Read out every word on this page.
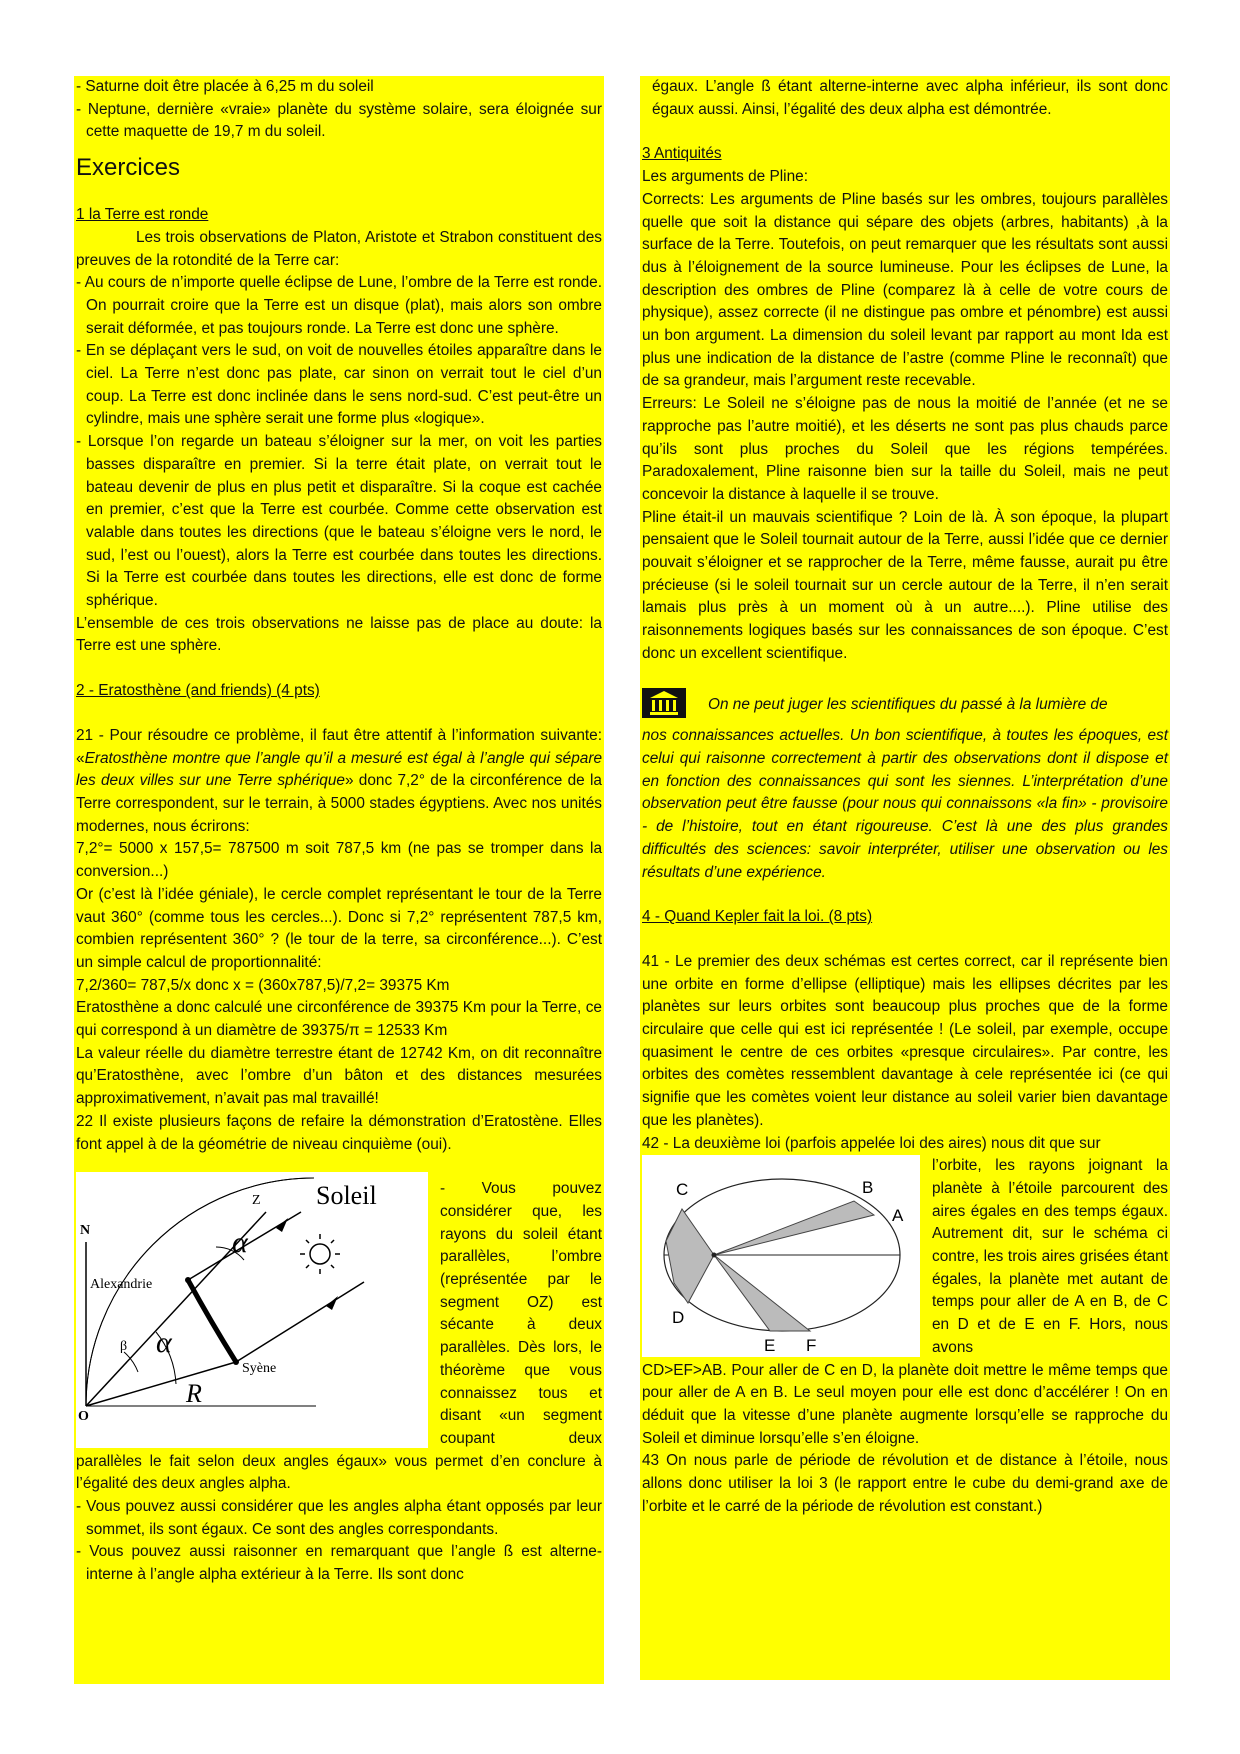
- Saturne doit être placée à 6,25 m du soleil

- Neptune, dernière «vraie» planète du système solaire, sera éloignée sur cette maquette de 19,7 m du soleil.

Exercices

1 la Terre est ronde

Les trois observations de Platon, Aristote et Strabon constituent des preuves de la rotondité de la Terre car:

- Au cours de n’importe quelle éclipse de Lune, l’ombre de la Terre est ronde. On pourrait croire que la Terre est un disque (plat), mais alors son ombre serait déformée, et pas toujours ronde. La Terre est donc une sphère.

- En se déplaçant vers le sud, on voit de nouvelles étoiles apparaître dans le ciel. La Terre n’est donc pas plate, car sinon on verrait tout le ciel d’un coup. La Terre est donc inclinée dans le sens nord-sud. C’est peut-être un cylindre, mais une sphère serait une forme plus «logique».

- Lorsque l’on regarde un bateau s’éloigner sur la mer, on voit les parties basses disparaître en premier. Si la terre était plate, on verrait tout le bateau devenir de plus en plus petit et disparaître. Si la coque est cachée en premier, c’est que la Terre est courbée. Comme cette observation est valable dans toutes les directions (que le bateau s’éloigne vers le nord, le sud, l’est ou l’ouest), alors la Terre est courbée dans toutes les directions. Si la Terre est courbée dans toutes les directions, elle est donc de forme sphérique.

L’ensemble de ces trois observations ne laisse pas de place au doute: la Terre est une sphère.

2 - Eratosthène (and friends) (4 pts)

21 - Pour résoudre ce problème, il faut être attentif à l’information suivante: «Eratosthène montre que l’angle qu’il a mesuré est égal à l’angle qui sépare les deux villes sur une Terre sphérique» donc 7,2° de la circonférence de la Terre correspondent, sur le terrain, à 5000 stades égyptiens. Avec nos unités modernes, nous écrirons:

7,2°= 5000 x 157,5= 787500 m soit 787,5 km (ne pas se tromper dans la conversion...)

Or (c’est là l’idée géniale), le cercle complet représentant le tour de la Terre vaut 360° (comme tous les cercles...). Donc si 7,2° représentent 787,5 km, combien représentent 360° ? (le tour de la terre, sa circonférence...). C’est un simple calcul de proportionnalité:

7,2/360= 787,5/x donc x = (360x787,5)/7,2= 39375 Km

Eratosthène a donc calculé une circonférence de 39375 Km pour la Terre, ce qui correspond à un diamètre de 39375/π = 12533 Km

La valeur réelle du diamètre terrestre étant de 12742 Km, on dit reconnaître qu’Eratosthène, avec l’ombre d’un bâton et des distances mesurées approximativement, n’avait pas mal travaillé!

22 Il existe plusieurs façons de refaire la démonstration d’Eratostène. Elles font appel à de la géométrie de niveau cinquième (oui).

Soleil
Z
N
Alexandrie
β
α
α
Syène
R
O

- Vous pouvez considérer que, les rayons du soleil étant parallèles, l’ombre (représentée par le segment OZ) est sécante à deux parallèles. Dès lors, le théorème que vous connaissez tous et disant «un segment coupant deux parallèles le fait selon deux angles égaux» vous permet d’en conclure à l’égalité des deux angles alpha.

- Vous pouvez aussi considérer que les angles alpha étant opposés par leur sommet, ils sont égaux. Ce sont des angles correspondants.

- Vous pouvez aussi raisonner en remarquant que l’angle ß est alterne-interne à l’angle alpha extérieur à la Terre. Ils sont donc

égaux. L’angle ß étant alterne-interne avec alpha inférieur, ils sont donc égaux aussi. Ainsi, l’égalité des deux alpha est démontrée.

3 Antiquités

Les arguments de Pline:

Corrects: Les arguments de Pline basés sur les ombres, toujours parallèles quelle que soit la distance qui sépare des objets (arbres, habitants) ,à la surface de la Terre. Toutefois, on peut remarquer que les résultats sont aussi dus à l’éloignement de la source lumineuse. Pour les éclipses de Lune, la description des ombres de Pline (comparez là à celle de votre cours de physique), assez correcte (il ne distingue pas ombre et pénombre) est aussi un bon argument. La dimension du soleil levant par rapport au mont Ida est plus une indication de la distance de l’astre (comme Pline le reconnaît) que de sa grandeur, mais l’argument reste recevable.

Erreurs: Le Soleil ne s’éloigne pas de nous la moitié de l’année (et ne se rapproche pas l’autre moitié), et les déserts ne sont pas plus chauds parce qu’ils sont plus proches du Soleil que les régions tempérées. Paradoxalement, Pline raisonne bien sur la taille du Soleil, mais ne peut concevoir la distance à laquelle il se trouve.

Pline était-il un mauvais scientifique ? Loin de là. À son époque, la plupart pensaient que le Soleil tournait autour de la Terre, aussi l’idée que ce dernier pouvait s’éloigner et se rapprocher de la Terre, même fausse, aurait pu être précieuse (si le soleil tournait sur un cercle autour de la Terre, il n’en serait lamais plus près à un moment où à un autre....). Pline utilise des raisonnements logiques basés sur les connaissances de son époque. C’est donc un excellent scientifique.

On ne peut juger les scientifiques du passé à la lumière de

nos connaissances actuelles. Un bon scientifique, à toutes les époques, est celui qui raisonne correctement à partir des observations dont il dispose et en fonction des connaissances qui sont les siennes. L’interprétation d’une observation peut être fausse (pour nous qui connaissons «la fin» - provisoire - de l’histoire, tout en étant rigoureuse. C’est là une des plus grandes difficultés des sciences: savoir interpréter, utiliser une observation ou les résultats d’une expérience.

4 - Quand Kepler fait la loi. (8 pts)

41 - Le premier des deux schémas est certes correct, car il représente bien une orbite en forme d’ellipse (elliptique) mais les ellipses décrites par les planètes sur leurs orbites sont beaucoup plus proches que de la forme circulaire que celle qui est ici représentée ! (Le soleil, par exemple, occupe quasiment le centre de ces orbites «presque circulaires». Par contre, les orbites des comètes ressemblent davantage à cele représentée ici (ce qui signifie que les comètes voient leur distance au soleil varier bien davantage que les planètes).

42 - La deuxième loi (parfois appelée loi des aires) nous dit que sur

B
A
C
D
E F

l’orbite, les rayons joignant la planète à l’étoile parcourent des aires égales en des temps égaux. Autrement dit, sur le schéma ci contre, les trois aires grisées étant égales, la planète met autant de temps pour aller de A en B, de C en D et de E en F. Hors, nous avons

CD>EF>AB. Pour aller de C en D, la planète doit mettre le même temps que pour aller de A en B. Le seul moyen pour elle est donc d’accélérer ! On en déduit que la vitesse d’une planète augmente lorsqu’elle se rapproche du Soleil et diminue lorsqu’elle s’en éloigne.

43 On nous parle de période de révolution et de distance à l’étoile, nous allons donc utiliser la loi 3 (le rapport entre le cube du demi-grand axe de l’orbite et le carré de la période de révolution est constant.)
